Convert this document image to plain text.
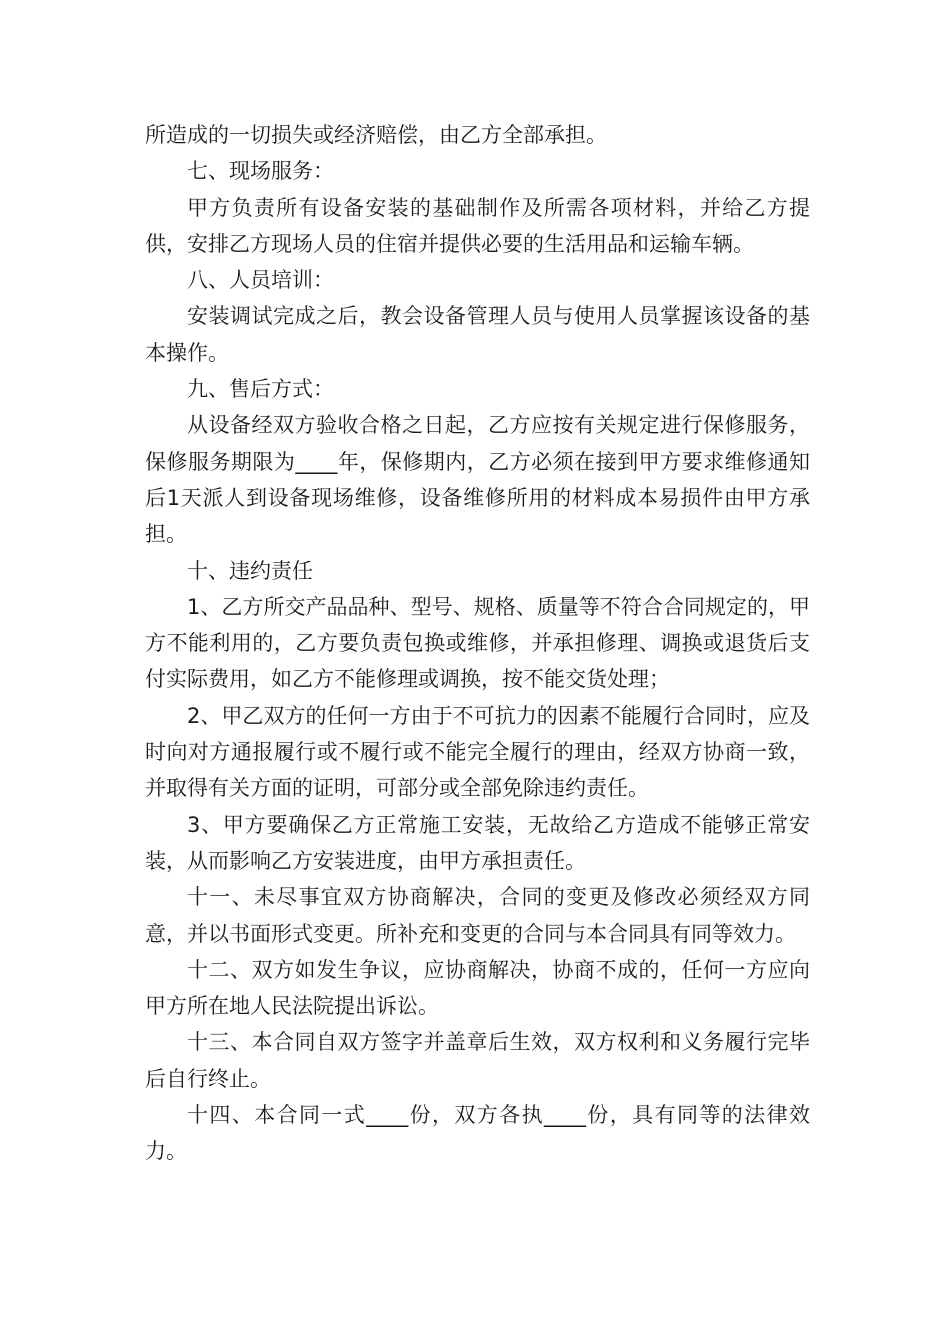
所造成的一切损失或经济赔偿，由乙方全部承担。

七、现场服务：

甲方负责所有设备安装的基础制作及所需各项材料，并给乙方提供，安排乙方现场人员的住宿并提供必要的生活用品和运输车辆。

八、人员培训：

安装调试完成之后，教会设备管理人员与使用人员掌握该设备的基本操作。

九、售后方式：

从设备经双方验收合格之日起，乙方应按有关规定进行保修服务，保修服务期限为____年，保修期内，乙方必须在接到甲方要求维修通知后1天派人到设备现场维修，设备维修所用的材料成本易损件由甲方承担。

十、违约责任

1、乙方所交产品品种、型号、规格、质量等不符合合同规定的，甲方不能利用的，乙方要负责包换或维修，并承担修理、调换或退货后支付实际费用，如乙方不能修理或调换，按不能交货处理；

2、甲乙双方的任何一方由于不可抗力的因素不能履行合同时，应及时向对方通报履行或不履行或不能完全履行的理由，经双方协商一致，并取得有关方面的证明，可部分或全部免除违约责任。

3、甲方要确保乙方正常施工安装，无故给乙方造成不能够正常安装，从而影响乙方安装进度，由甲方承担责任。

十一、未尽事宜双方协商解决，合同的变更及修改必须经双方同意，并以书面形式变更。所补充和变更的合同与本合同具有同等效力。

十二、双方如发生争议，应协商解决，协商不成的，任何一方应向甲方所在地人民法院提出诉讼。

十三、本合同自双方签字并盖章后生效，双方权利和义务履行完毕后自行终止。

十四、本合同一式____份，双方各执____份，具有同等的法律效力。
